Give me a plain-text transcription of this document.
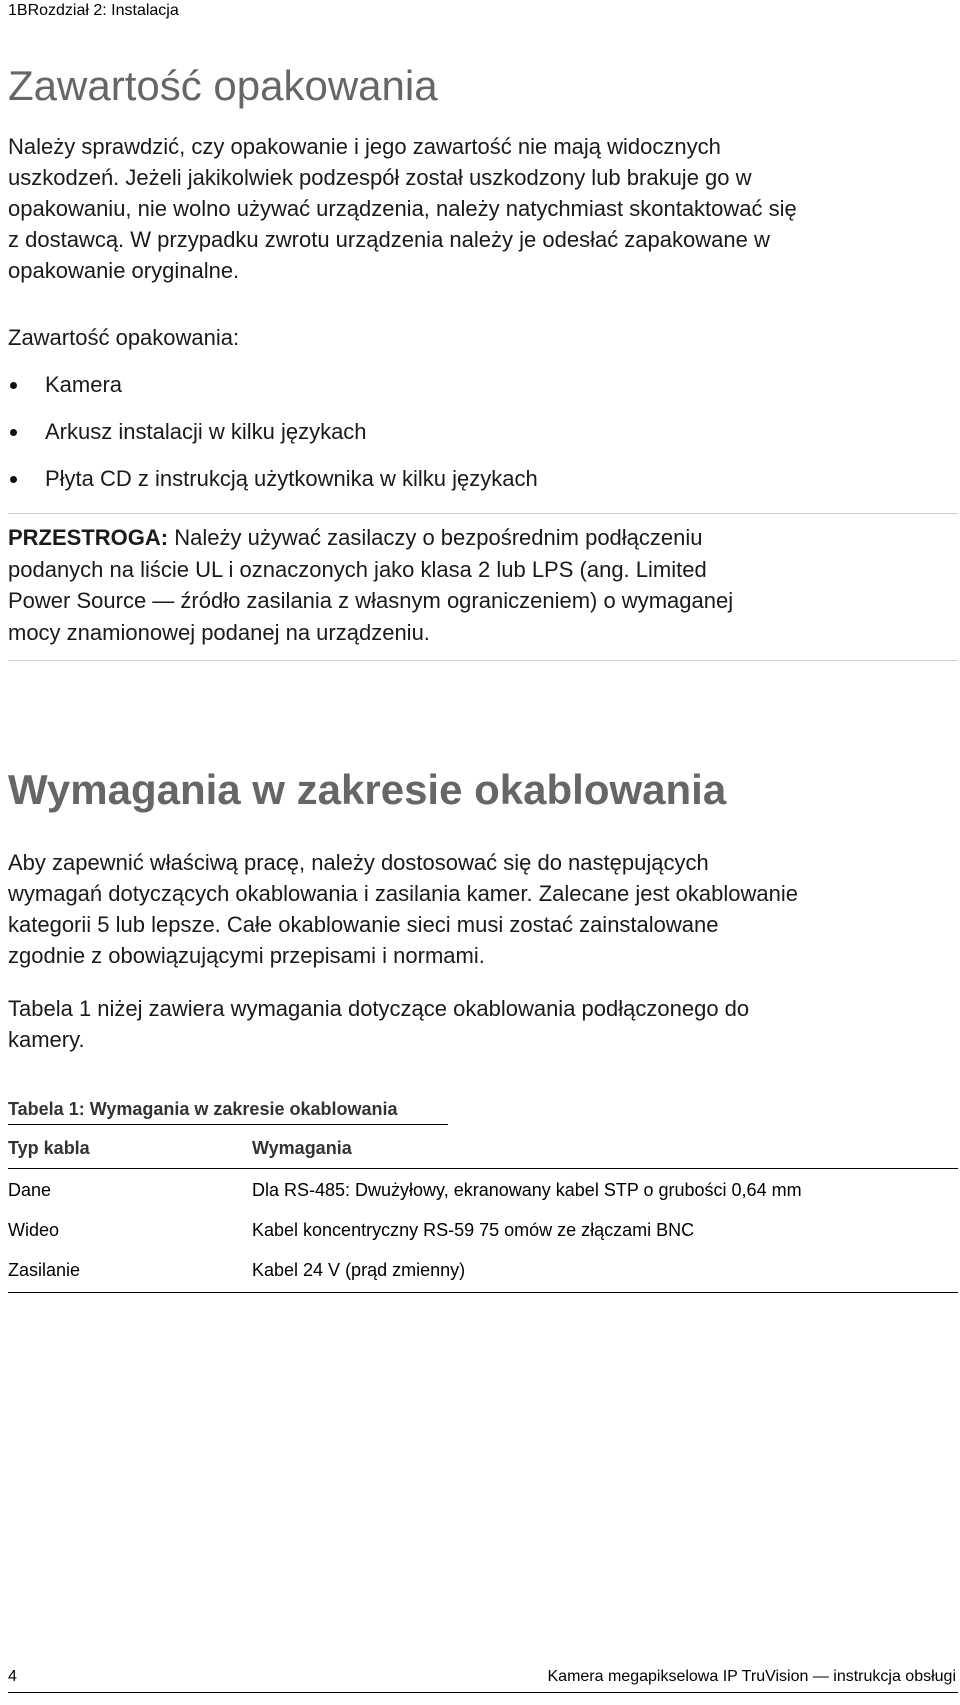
1BRozdział 2: Instalacja
Zawartość opakowania

Należy sprawdzić, czy opakowanie i jego zawartość nie mają widocznych
uszkodzeń. Jeżeli jakikolwiek podzespół został uszkodzony lub brakuje go w
opakowaniu, nie wolno używać urządzenia, należy natychmiast skontaktować się
z dostawcą. W przypadku zwrotu urządzenia należy je odesłać zapakowane w
opakowanie oryginalne.

Zawartość opakowania:
Kamera
Arkusz instalacji w kilku językach
Płyta CD z instrukcją użytkownika w kilku językach

PRZESTROGA: Należy używać zasilaczy o bezpośrednim podłączeniu
podanych na liście UL i oznaczonych jako klasa 2 lub LPS (ang. Limited
Power Source — źródło zasilania z własnym ograniczeniem) o wymaganej
mocy znamionowej podanej na urządzeniu.

Wymagania w zakresie okablowania

Aby zapewnić właściwą pracę, należy dostosować się do następujących
wymagań dotyczących okablowania i zasilania kamer. Zalecane jest okablowanie
kategorii 5 lub lepsze. Całe okablowanie sieci musi zostać zainstalowane
zgodnie z obowiązującymi przepisami i normami.

Tabela 1 niżej zawiera wymagania dotyczące okablowania podłączonego do
kamery.

Tabela 1: Wymagania w zakresie okablowania
Typ kabla	Wymagania
Dane	Dla RS-485: Dwużyłowy, ekranowany kabel STP o grubości 0,64 mm
Wideo	Kabel koncentryczny RS-59 75 omów ze złączami BNC
Zasilanie	Kabel 24 V (prąd zmienny)
4	Kamera megapikselowa IP TruVision — instrukcja obsługi
